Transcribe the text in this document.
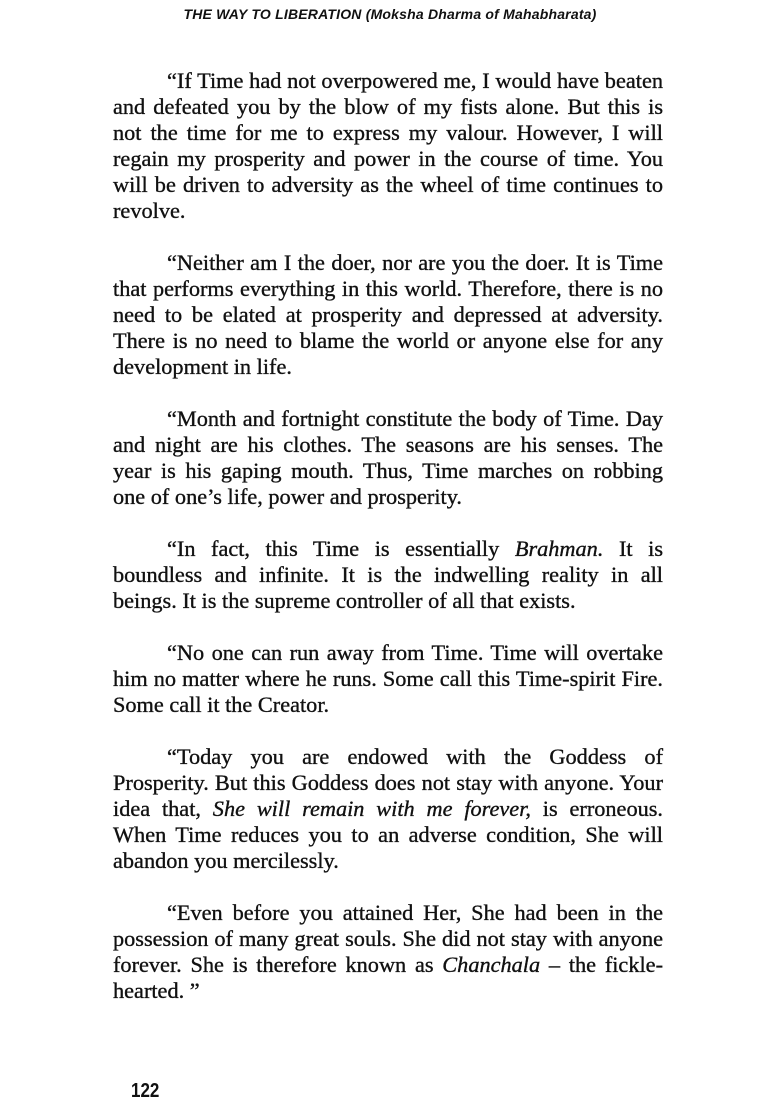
THE WAY TO LIBERATION (Moksha Dharma of Mahabharata)

“If Time had not overpowered me, I would have beaten and defeated you by the blow of my fists alone. But this is not the time for me to express my valour. However, I will regain my prosperity and power in the course of time. You will be driven to adversity as the wheel of time continues to revolve.

“Neither am I the doer, nor are you the doer. It is Time that performs everything in this world. Therefore, there is no need to be elated at prosperity and depressed at adversity. There is no need to blame the world or anyone else for any development in life.

“Month and fortnight constitute the body of Time. Day and night are his clothes. The seasons are his senses. The year is his gaping mouth. Thus, Time marches on robbing one of one’s life, power and prosperity.

“In fact, this Time is essentially Brahman. It is boundless and infinite. It is the indwelling reality in all beings. It is the supreme controller of all that exists.

“No one can run away from Time. Time will overtake him no matter where he runs. Some call this Time-spirit Fire. Some call it the Creator.

“Today you are endowed with the Goddess of Prosperity. But this Goddess does not stay with anyone. Your idea that, She will remain with me forever, is erroneous. When Time reduces you to an adverse condition, She will abandon you mercilessly.

“Even before you attained Her, She had been in the possession of many great souls. She did not stay with anyone forever. She is therefore known as Chanchala – the fickle-hearted. ”

122
